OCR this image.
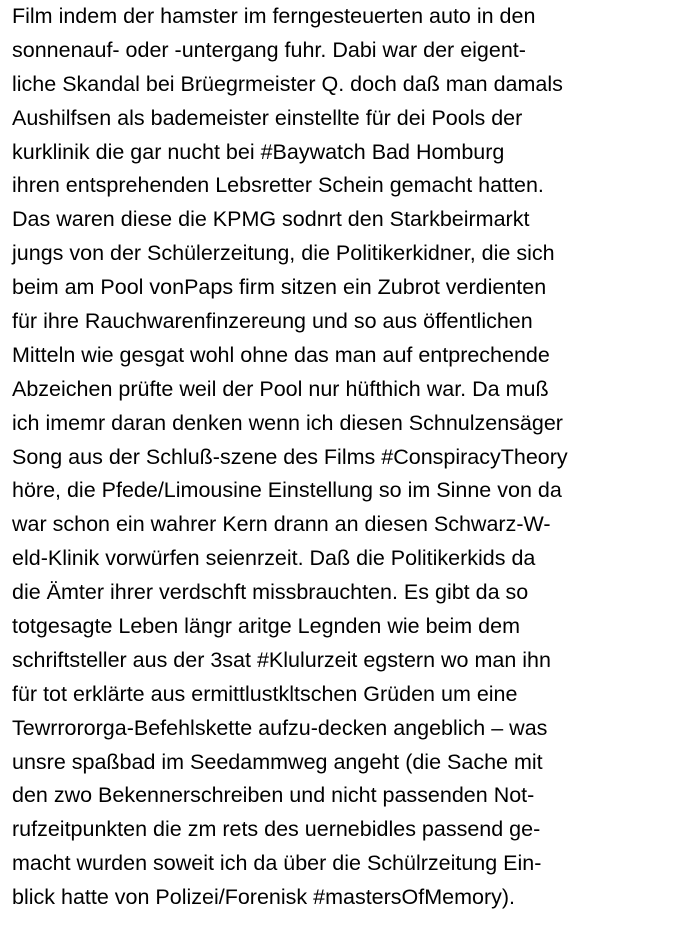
Film indem der hamster im ferngesteuerten auto in den
sonnenauf- oder -untergang fuhr. Dabi war der eigent-
liche Skandal bei Brüegrmeister Q. doch daß man damals
Aushilfsen als bademeister einstellte für dei Pools der
kurklinik die gar nucht bei #Baywatch Bad Homburg
ihren entsprehenden Lebsretter Schein gemacht hatten.
Das waren diese die KPMG sodnrt den Starkbeirmarkt
jungs von der Schülerzeitung, die Politikerkidner, die sich
beim am Pool vonPaps firm sitzen ein Zubrot verdienten
für ihre Rauchwarenfinzereung und so aus öffentlichen
Mitteln wie gesgat wohl ohne das man auf entprechende
Abzeichen prüfte weil der Pool nur hüfthich war. Da muß
ich imemr daran denken wenn ich diesen Schnulzensäger
Song aus der Schluß-szene des Films #ConspiracyTheory
höre, die Pfede/Limousine Einstellung so im Sinne von da
war schon ein wahrer Kern drann an diesen Schwarz-W-
eld-Klinik vorwürfen seienrzeit. Daß die Politikerkids da
die Ämter ihrer verdschft missbrauchten. Es gibt da so
totgesagte Leben längr aritge Legnden wie beim dem
schriftsteller aus der 3sat #Klulurzeit egstern wo man ihn
für tot erklärte aus ermittlustkltschen Grüden um eine
Tewrrororga-Befehlskette aufzu-decken angeblich – was
unsre spaßbad im Seedammweg angeht (die Sache mit
den zwo Bekennerschreiben und nicht passenden Not-
rufzeitpunkten die zm rets des uernebidles passend ge-
macht wurden soweit ich da über die Schülrzeitung Ein-
blick hatte von Polizei/Forenisk #mastersOfMemory).
